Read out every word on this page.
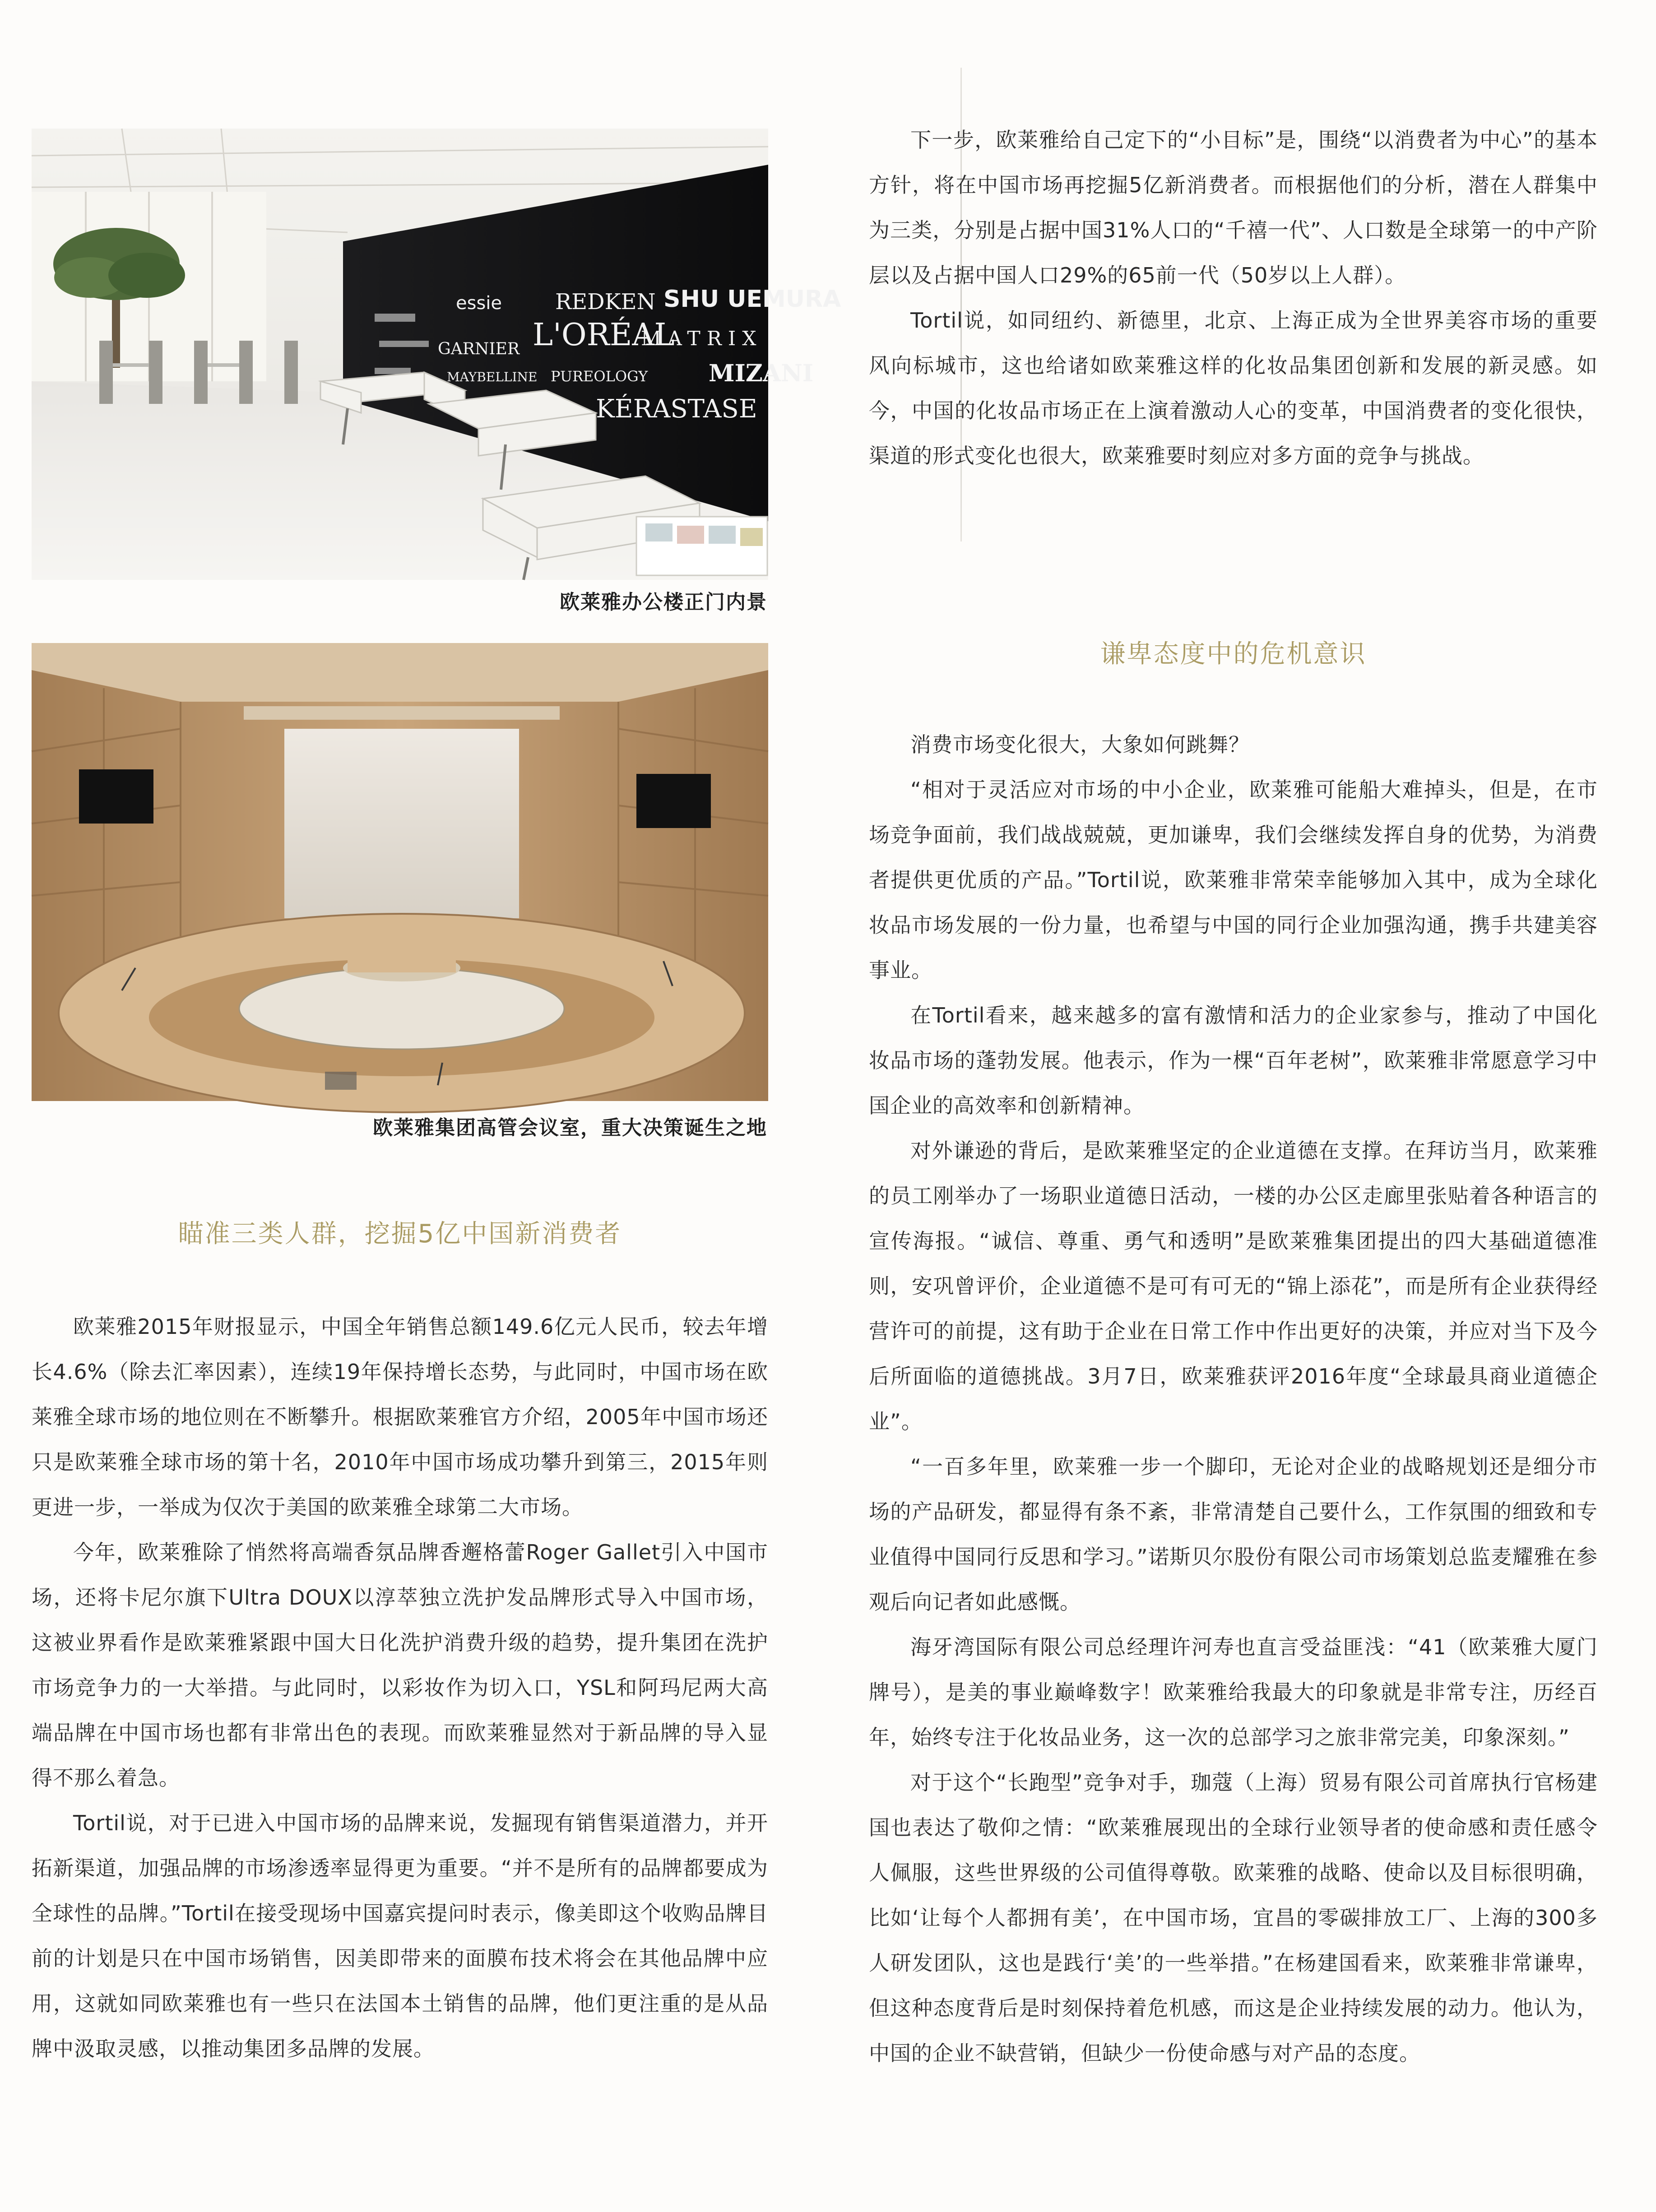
REDKEN SHU UEMURA
L'ORÉAL
GARNIER	MATRIX
MIZANI
essie
MAYBELLINE PUREOLOGY
KÉRASTASE
欧莱雅办公楼正门内景
欧莱雅集团高管会议室，重大决策诞生之地
瞄准三类人群，挖掘5亿中国新消费者

欧莱雅2015年财报显示，中国全年销售总额149.6亿元人民币，较去年增长4.6%（除去汇率因素），连续19年保持增长态势，与此同时，中国市场在欧莱雅全球市场的地位则在不断攀升。根据欧莱雅官方介绍，2005年中国市场还只是欧莱雅全球市场的第十名，2010年中国市场成功攀升到第三，2015年则更进一步，一举成为仅次于美国的欧莱雅全球第二大市场。

今年，欧莱雅除了悄然将高端香氛品牌香邂格蕾Roger Gallet引入中国市场，还将卡尼尔旗下Ultra DOUX以淳萃独立洗护发品牌形式导入中国市场，这被业界看作是欧莱雅紧跟中国大日化洗护消费升级的趋势，提升集团在洗护市场竞争力的一大举措。与此同时，以彩妆作为切入口，YSL和阿玛尼两大高端品牌在中国市场也都有非常出色的表现。而欧莱雅显然对于新品牌的导入显得不那么着急。

Tortil说，对于已进入中国市场的品牌来说，发掘现有销售渠道潜力，并开拓新渠道，加强品牌的市场渗透率显得更为重要。“并不是所有的品牌都要成为全球性的品牌。”Tortil在接受现场中国嘉宾提问时表示，像美即这个收购品牌目前的计划是只在中国市场销售，因美即带来的面膜布技术将会在其他品牌中应用，这就如同欧莱雅也有一些只在法国本土销售的品牌，他们更注重的是从品牌中汲取灵感，以推动集团多品牌的发展。

下一步，欧莱雅给自己定下的“小目标”是，围绕“以消费者为中心”的基本方针，将在中国市场再挖掘5亿新消费者。而根据他们的分析，潜在人群集中为三类，分别是占据中国31%人口的“千禧一代”、人口数是全球第一的中产阶层以及占据中国人口29%的65前一代（50岁以上人群）。

Tortil说，如同纽约、新德里，北京、上海正成为全世界美容市场的重要风向标城市，这也给诸如欧莱雅这样的化妆品集团创新和发展的新灵感。如今，中国的化妆品市场正在上演着激动人心的变革，中国消费者的变化很快，渠道的形式变化也很大，欧莱雅要时刻应对多方面的竞争与挑战。

谦卑态度中的危机意识

消费市场变化很大，大象如何跳舞？

“相对于灵活应对市场的中小企业，欧莱雅可能船大难掉头，但是，在市场竞争面前，我们战战兢兢，更加谦卑，我们会继续发挥自身的优势，为消费者提供更优质的产品。”Tortil说，欧莱雅非常荣幸能够加入其中，成为全球化妆品市场发展的一份力量，也希望与中国的同行企业加强沟通，携手共建美容事业。

在Tortil看来，越来越多的富有激情和活力的企业家参与，推动了中国化妆品市场的蓬勃发展。他表示，作为一棵“百年老树”，欧莱雅非常愿意学习中国企业的高效率和创新精神。

对外谦逊的背后，是欧莱雅坚定的企业道德在支撑。在拜访当月，欧莱雅的员工刚举办了一场职业道德日活动，一楼的办公区走廊里张贴着各种语言的宣传海报。“诚信、尊重、勇气和透明”是欧莱雅集团提出的四大基础道德准则，安巩曾评价，企业道德不是可有可无的“锦上添花”，而是所有企业获得经营许可的前提，这有助于企业在日常工作中作出更好的决策，并应对当下及今后所面临的道德挑战。3月7日，欧莱雅获评2016年度“全球最具商业道德企业”。

“一百多年里，欧莱雅一步一个脚印，无论对企业的战略规划还是细分市场的产品研发，都显得有条不紊，非常清楚自己要什么，工作氛围的细致和专业值得中国同行反思和学习。”诺斯贝尔股份有限公司市场策划总监麦耀雅在参观后向记者如此感慨。

海牙湾国际有限公司总经理许河寿也直言受益匪浅：“41（欧莱雅大厦门牌号），是美的事业巅峰数字！欧莱雅给我最大的印象就是非常专注，历经百年，始终专注于化妆品业务，这一次的总部学习之旅非常完美，印象深刻。”

对于这个“长跑型”竞争对手，珈蔻（上海）贸易有限公司首席执行官杨建国也表达了敬仰之情：“欧莱雅展现出的全球行业领导者的使命感和责任感令人佩服，这些世界级的公司值得尊敬。欧莱雅的战略、使命以及目标很明确，比如‘让每个人都拥有美’，在中国市场，宜昌的零碳排放工厂、上海的300多人研发团队，这也是践行‘美’的一些举措。”在杨建国看来，欧莱雅非常谦卑，但这种态度背后是时刻保持着危机感，而这是企业持续发展的动力。他认为，中国的企业不缺营销，但缺少一份使命感与对产品的态度。
